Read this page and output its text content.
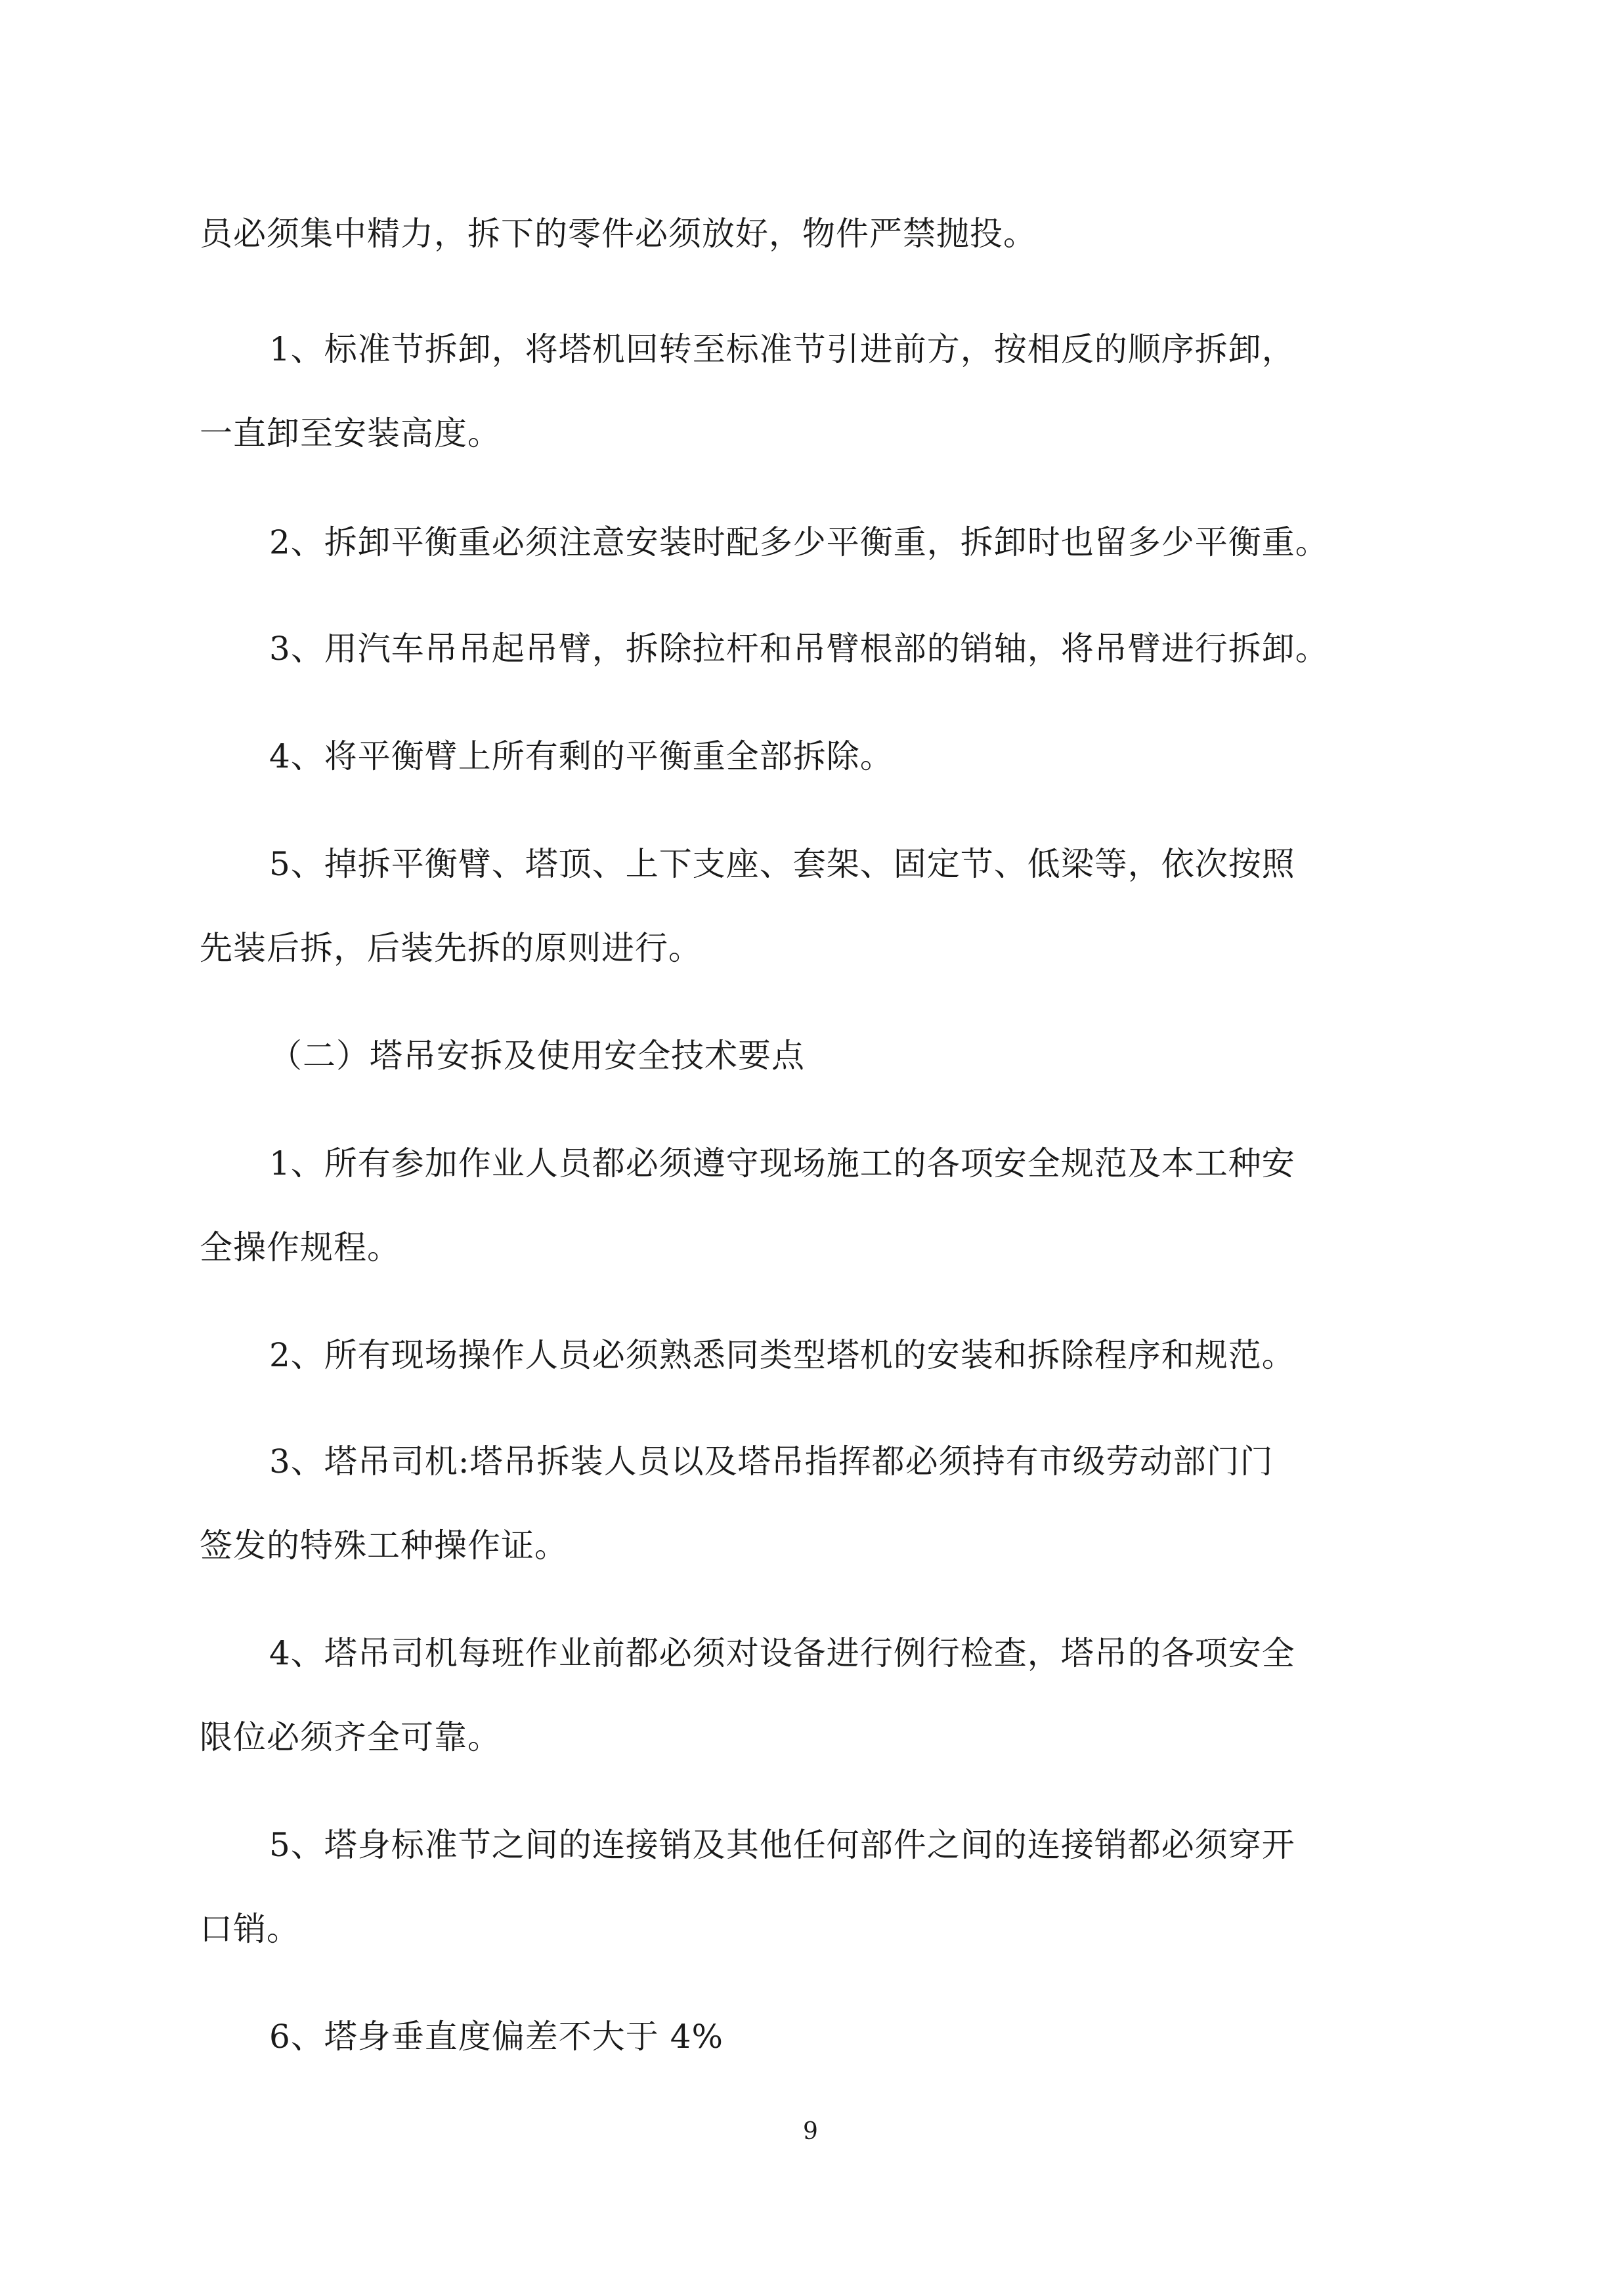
员必须集中精力，拆下的零件必须放好，物件严禁抛投。
1、标准节拆卸，将塔机回转至标准节引进前方，按相反的顺序拆卸，
一直卸至安装高度。
2、拆卸平衡重必须注意安装时配多少平衡重，拆卸时也留多少平衡重。
3、用汽车吊吊起吊臂，拆除拉杆和吊臂根部的销轴，将吊臂进行拆卸。
4、将平衡臂上所有剩的平衡重全部拆除。
5、掉拆平衡臂、塔顶、上下支座、套架、固定节、低梁等，依次按照
先装后拆，后装先拆的原则进行。
（二）塔吊安拆及使用安全技术要点
1、所有参加作业人员都必须遵守现场施工的各项安全规范及本工种安
全操作规程。
2、所有现场操作人员必须熟悉同类型塔机的安装和拆除程序和规范。
3、塔吊司机:塔吊拆装人员以及塔吊指挥都必须持有市级劳动部门门
签发的特殊工种操作证。
4、塔吊司机每班作业前都必须对设备进行例行检查，塔吊的各项安全
限位必须齐全可靠。
5、塔身标准节之间的连接销及其他任何部件之间的连接销都必须穿开
口销。
6、塔身垂直度偏差不大于 4%
9
